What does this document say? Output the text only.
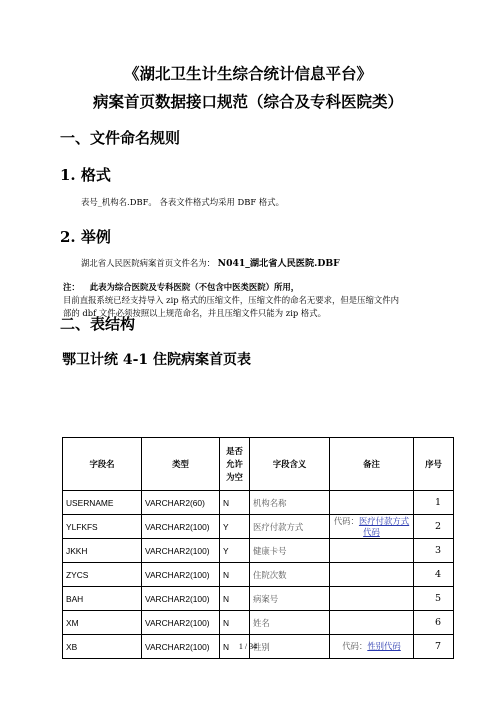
《湖北卫生计生综合统计信息平台》
病案首页数据接口规范（综合及专科医院类）
一、文件命名规则
1. 格式
表号_机构名.DBF。 各表文件格式均采用 DBF 格式。
2. 举例
湖北省人民医院病案首页文件名为： N041_湖北省人民医院.DBF
注： 此表为综合医院及专科医院（不包含中医类医院）所用，
目前直报系统已经支持导入 zip 格式的压缩文件，压缩文件的命名无要求，但是压缩文件内
部的 dbf 文件必须按照以上规范命名，并且压缩文件只能为 zip 格式。
二、表结构
鄂卫计统 4-1 住院病案首页表
字段名	类型	是否
允许
为空	字段含义	备注	序号
USERNAME	VARCHAR2(60)	N	机构名称		1
YLFKFS	VARCHAR2(100)	Y	医疗付款方式	代码：医疗付款方式代码	2
JKKH	VARCHAR2(100)	Y	健康卡号		3
ZYCS	VARCHAR2(100)	N	住院次数		4
BAH	VARCHAR2(100)	N	病案号		5
XM	VARCHAR2(100)	N	姓名		6
XB	VARCHAR2(100)	N	性别	代码：性别代码	7
1 / 34
